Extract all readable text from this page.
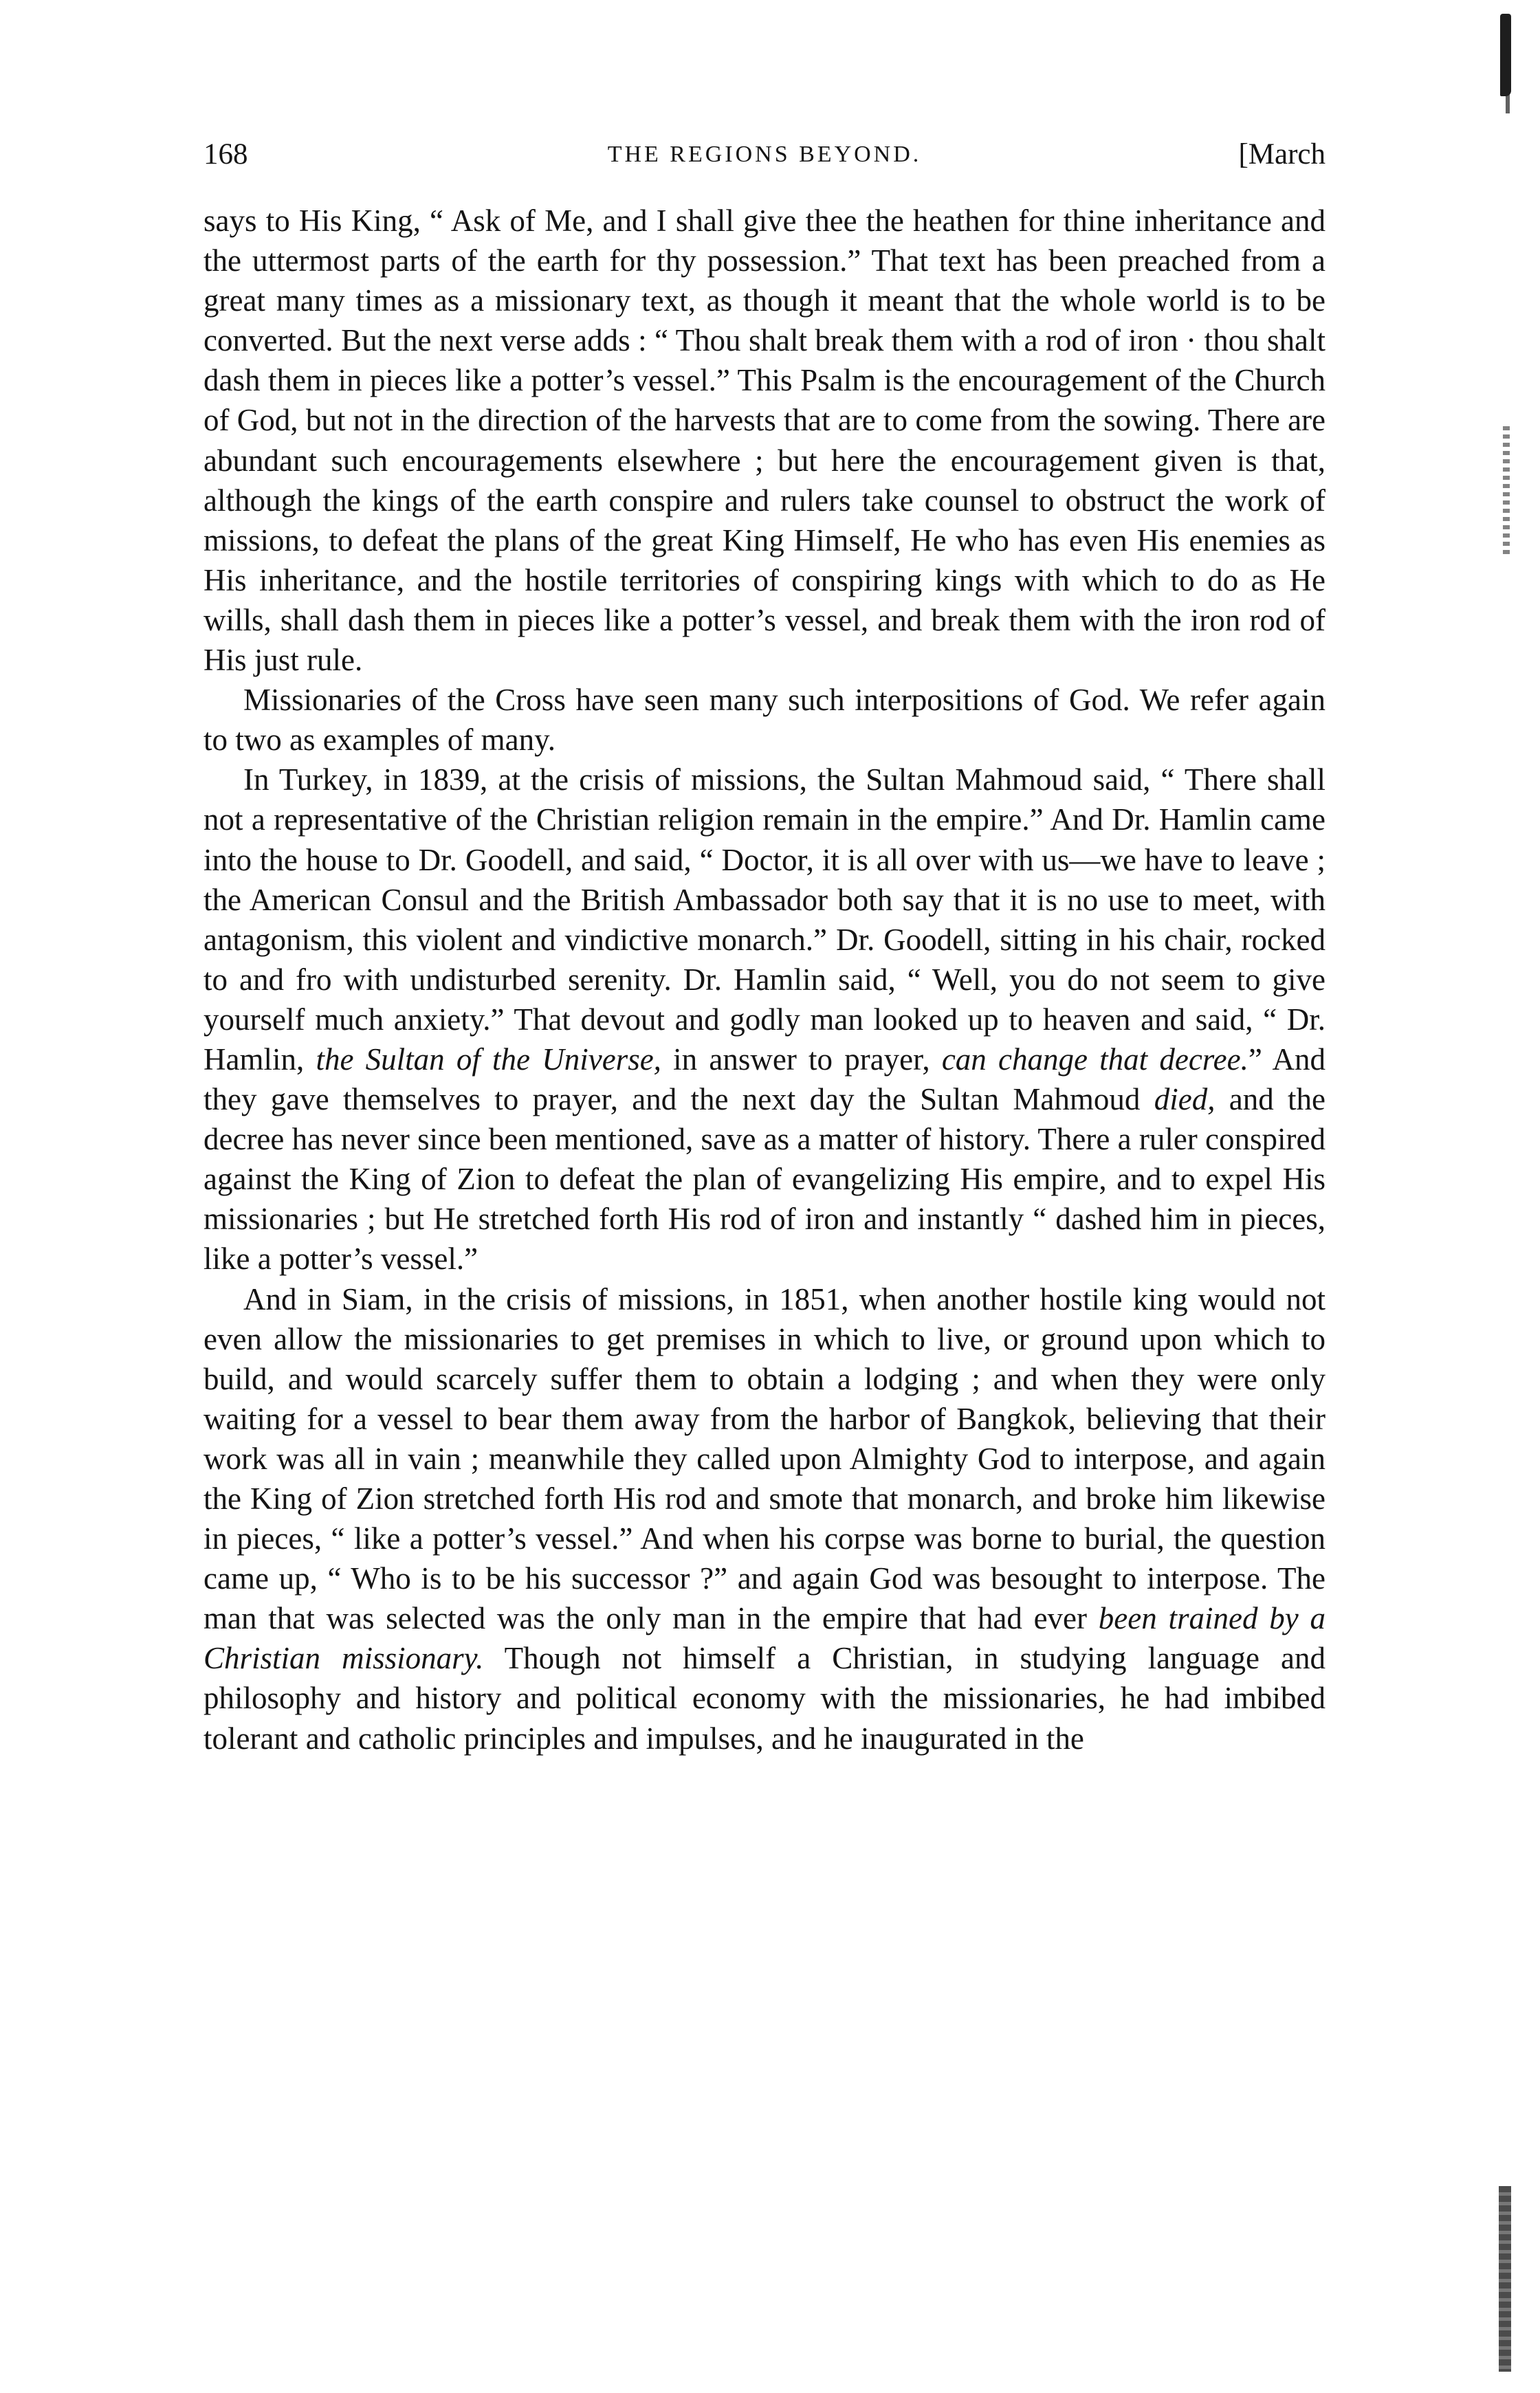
168	THE REGIONS BEYOND.	[March

says to His King, “ Ask of Me, and I shall give thee the heathen for thine inheritance and the uttermost parts of the earth for thy possession.” That text has been preached from a great many times as a missionary text, as though it meant that the whole world is to be converted. But the next verse adds : “ Thou shalt break them with a rod of iron · thou shalt dash them in pieces like a potter’s vessel.” This Psalm is the encouragement of the Church of God, but not in the direction of the harvests that are to come from the sowing. There are abundant such encouragements elsewhere ; but here the encouragement given is that, although the kings of the earth conspire and rulers take counsel to obstruct the work of missions, to defeat the plans of the great King Himself, He who has even His enemies as His inheritance, and the hostile territories of conspiring kings with which to do as He wills, shall dash them in pieces like a potter’s vessel, and break them with the iron rod of His just rule.

Missionaries of the Cross have seen many such interpositions of God. We refer again to two as examples of many.

In Turkey, in 1839, at the crisis of missions, the Sultan Mahmoud said, “ There shall not a representative of the Christian religion remain in the empire.” And Dr. Hamlin came into the house to Dr. Goodell, and said, “ Doctor, it is all over with us—we have to leave ; the American Consul and the British Ambassador both say that it is no use to meet, with antagonism, this violent and vindictive monarch.” Dr. Goodell, sitting in his chair, rocked to and fro with undisturbed serenity. Dr. Hamlin said, “ Well, you do not seem to give yourself much anxiety.” That devout and godly man looked up to heaven and said, “ Dr. Hamlin, the Sultan of the Universe, in answer to prayer, can change that decree.” And they gave themselves to prayer, and the next day the Sultan Mahmoud died, and the decree has never since been mentioned, save as a matter of history. There a ruler conspired against the King of Zion to defeat the plan of evangelizing His empire, and to expel His missionaries ; but He stretched forth His rod of iron and instantly “ dashed him in pieces, like a potter’s vessel.”

And in Siam, in the crisis of missions, in 1851, when another hostile king would not even allow the missionaries to get premises in which to live, or ground upon which to build, and would scarcely suffer them to obtain a lodging ; and when they were only waiting for a vessel to bear them away from the harbor of Bangkok, believing that their work was all in vain ; meanwhile they called upon Almighty God to interpose, and again the King of Zion stretched forth His rod and smote that monarch, and broke him likewise in pieces, “ like a potter’s vessel.” And when his corpse was borne to burial, the question came up, “ Who is to be his successor ?” and again God was besought to interpose. The man that was selected was the only man in the empire that had ever been trained by a Christian missionary. Though not himself a Christian, in studying language and philosophy and history and political economy with the missionaries, he had imbibed tolerant and catholic principles and impulses, and he inaugurated in the
